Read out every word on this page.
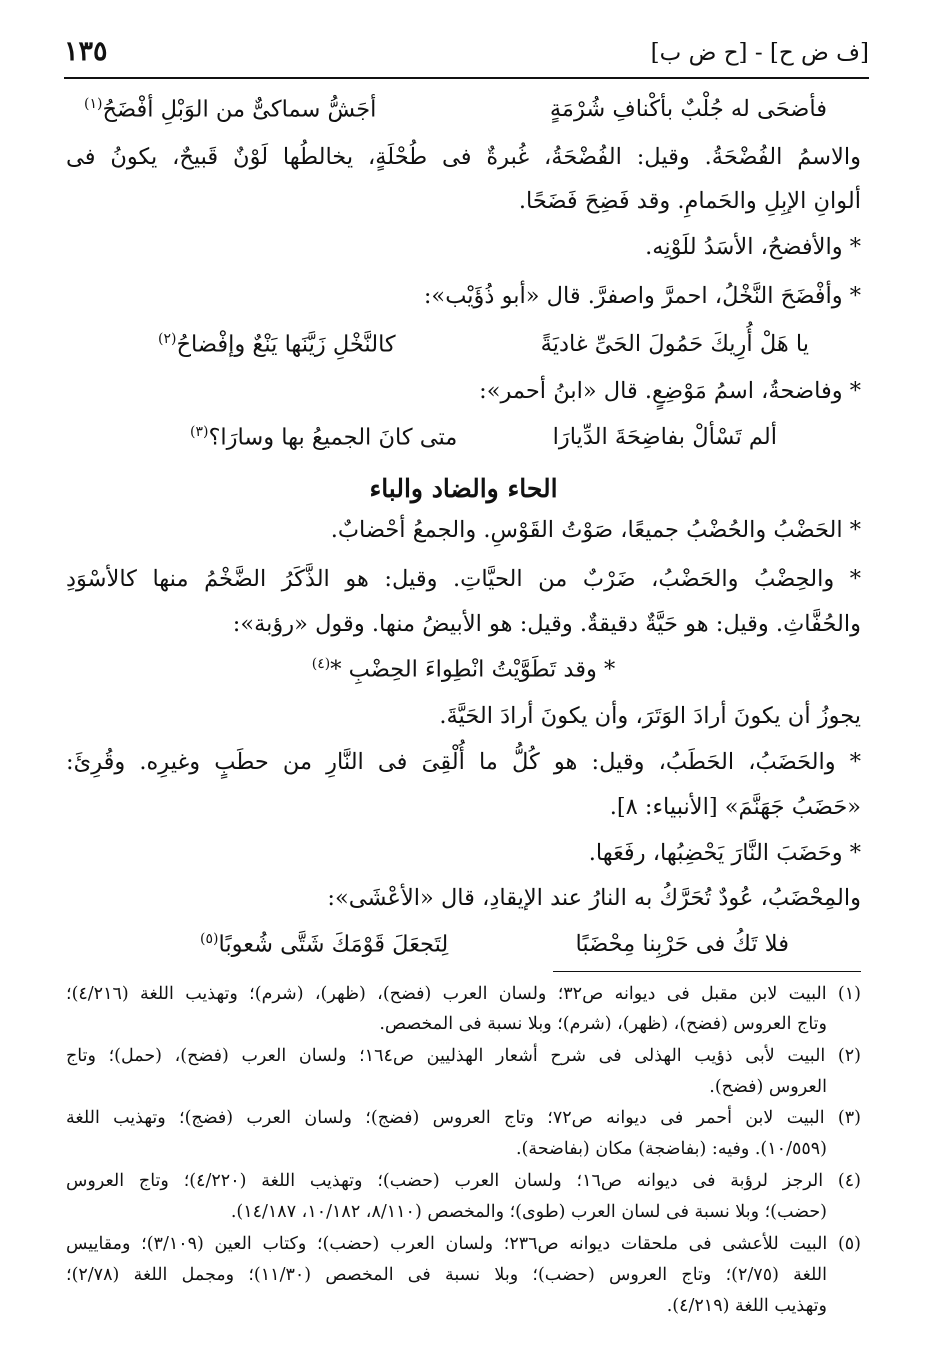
١٣٥	[ف ض ح] - [ح ض ب]
فأضحَى له جُلْبٌ بأكْنافِ شُرْمَةٍ
أجَشُّ سماكىٌّ من الوَبْلِ أفْضَحُ$^{(١)}$
والاسمُ الفُضْحَةُ. وقيل: الفُضْحَةُ، غُبرةٌ فى طُحْلَةٍ، يخالطُها لَوْنٌ قَبيحٌ، يكونُ فى
ألوانِ الإبِلِ والحَمامِ. وقد فَضِحَ فَضَحًا.
* والأفضحُ، الأسَدُ للَوْنِه.
* وأفْضَحَ النَّخْلُ، احمرَّ واصفرَّ. قال «أبو ذُؤَيْب»:
يا هَلْ أُرِيكَ حَمُولَ الحَىِّ غاديَةً
كالنَّخْلِ زَيَّنَها يَنْعٌ وإفْضاحُ$^{(٢)}$
* وفاضحةُ، اسمُ مَوْضِعٍ. قال «ابنُ أحمر»:
ألم تَسْألْ بفاضِحَةَ الدِّيارَا
متى كانَ الجميعُ بها وسارَا؟$^{(٣)}$
الحاء والضاد والباء
* الحَضْبُ والحُضْبُ جميعًا، صَوْتُ القَوْسِ. والجمعُ أحْضابٌ.
* والحِضْبُ والحَضْبُ، ضَرْبٌ من الحيَّاتِ. وقيل: هو الذَّكَرُ الضَّخْمُ منها كالأسْوَدِ
والحُفَّاثِ. وقيل: هو حَيَّةٌ دقيقةٌ. وقيل: هو الأبيضُ منها. وقول «رؤبة»:
* وقد تَطَوَّيْتُ انْطِواءَ الحِضْبِ *$^{(٤)}$
يجوزُ أن يكونَ أرادَ الوَتَرَ، وأن يكونَ أرادَ الحَيَّةَ.
* والحَضَبُ، الحَطَبُ، وقيل: هو كُلُّ ما أُلْقِىَ فى النَّارِ من حطَبٍ وغيرِه. وقُرِئَ:
«حَضَبُ جَهَنَّمَ» [الأنبياء: ٨].
* وحَضَبَ النَّارَ يَحْضِبُها، رفَعَها.
والمِحْضَبُ، عُودٌ تُحَرَّكُ به النارُ عند الإيقادِ، قال «الأعْشَى»:
فلا تَكُ فى حَرْبِنا مِحْضَبًا
لِتَجعَلَ قَوْمَكَ شَتَّى شُعوبًا$^{(٥)}$
(١) البيت لابن مقبل فى ديوانه ص٣٢؛ ولسان العرب (فضح)، (ظهر)، (شرم)؛ وتهذيب اللغة (٤/٢١٦)؛
وتاج العروس (فضح)، (ظهر)، (شرم)؛ وبلا نسبة فى المخصص.
(٢) البيت لأبى ذؤيب الهذلى فى شرح أشعار الهذليين ص١٦٤؛ ولسان العرب (فضح)، (حمل)؛ وتاج
العروس (فضح).
(٣) البيت لابن أحمر فى ديوانه ص٧٢؛ وتاج العروس (فضج)؛ ولسان العرب (فضج)؛ وتهذيب اللغة
(١٠/٥٥٩). وفيه: (بفاضجة) مكان (بفاضحة).
(٤) الرجز لرؤبة فى ديوانه ص١٦؛ ولسان العرب (حضب)؛ وتهذيب اللغة (٤/٢٢٠)؛ وتاج العروس
(حضب)؛ وبلا نسبة فى لسان العرب (طوى)؛ والمخصص (٨/١١٠، ١٠/١٨٢، ١٤/١٨٧).
(٥) البيت للأعشى فى ملحقات ديوانه ص٢٣٦؛ ولسان العرب (حضب)؛ وكتاب العين (٣/١٠٩)؛ ومقاييس
اللغة (٢/٧٥)؛ وتاج العروس (حضب)؛ وبلا نسبة فى المخصص (١١/٣٠)؛ ومجمل اللغة (٢/٧٨)؛
وتهذيب اللغة (٤/٢١٩).
